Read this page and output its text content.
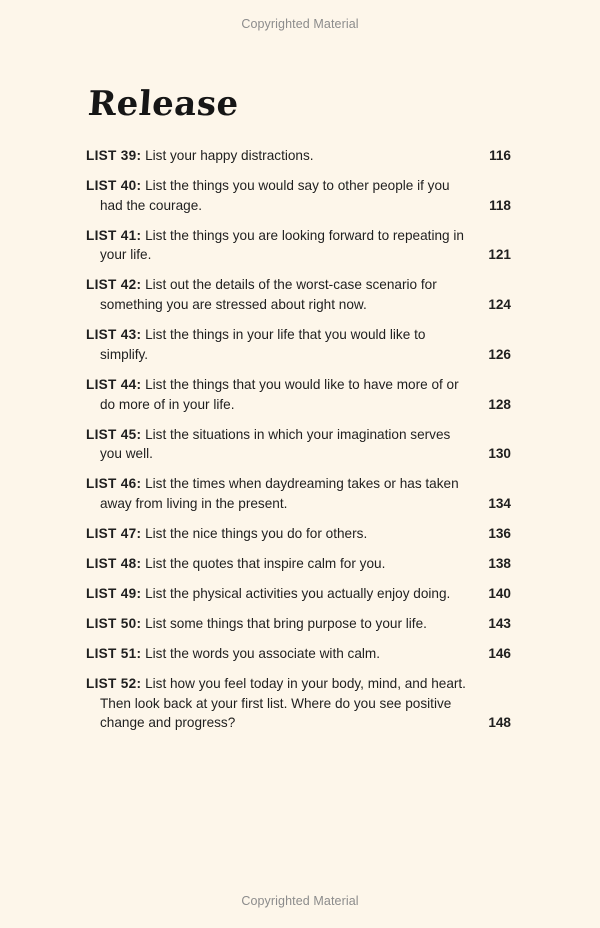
Copyrighted Material
Release
LIST 39: List your happy distractions.	116
LIST 40: List the things you would say to other people if you had the courage.	118
LIST 41: List the things you are looking forward to repeating in your life.	121
LIST 42: List out the details of the worst-case scenario for something you are stressed about right now.	124
LIST 43: List the things in your life that you would like to simplify.	126
LIST 44: List the things that you would like to have more of or do more of in your life.	128
LIST 45: List the situations in which your imagination serves you well.	130
LIST 46: List the times when daydreaming takes or has taken away from living in the present.	134
LIST 47: List the nice things you do for others.	136
LIST 48: List the quotes that inspire calm for you.	138
LIST 49: List the physical activities you actually enjoy doing.	140
LIST 50: List some things that bring purpose to your life.	143
LIST 51: List the words you associate with calm.	146
LIST 52: List how you feel today in your body, mind, and heart. Then look back at your first list. Where do you see positive change and progress?	148
Copyrighted Material
